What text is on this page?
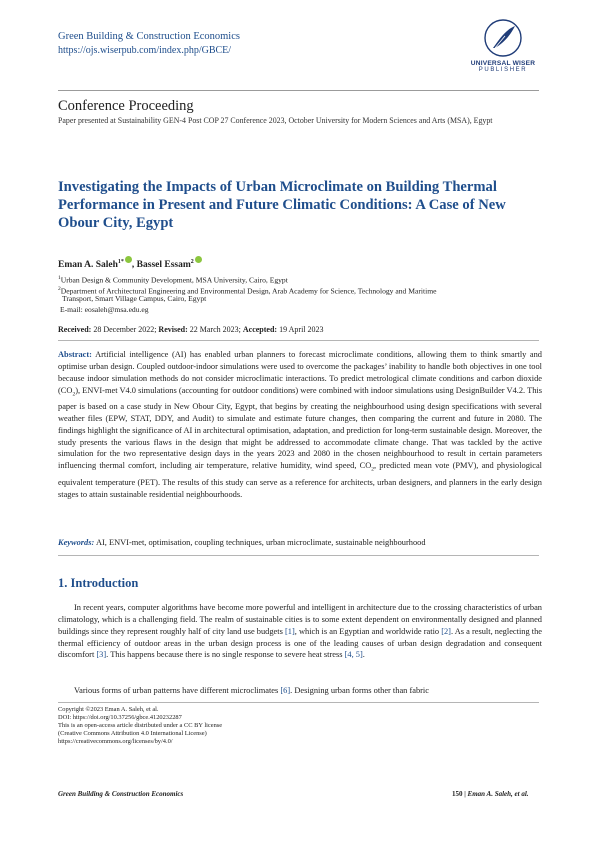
Green Building & Construction Economics
https://ojs.wiserpub.com/index.php/GBCE/
UNIVERSAL WISER
PUBLISHER
Conference Proceeding
Paper presented at Sustainability GEN-4 Post COP 27 Conference 2023, October University for Modern Sciences and Arts (MSA), Egypt
Investigating the Impacts of Urban Microclimate on Building Thermal Performance in Present and Future Climatic Conditions: A Case of New Obour City, Egypt
Eman A. Saleh$^{1*}$ , Bassel Essam$^2$
$^1$Urban Design & Community Development, MSA University, Cairo, Egypt
$^2$Department of Architectural Engineering and Environmental Design, Arab Academy for Science, Technology and Maritime
Transport, Smart Village Campus, Cairo, Egypt
E-mail: eosaleh@msa.edu.eg
Received: 28 December 2022; Revised: 22 March 2023; Accepted: 19 April 2023
Abstract: Artificial intelligence (AI) has enabled urban planners to forecast microclimate conditions, allowing them to think smartly and optimise urban design. Coupled outdoor-indoor simulations were used to overcome the packages’ inability to handle both objectives in one tool because indoor simulation methods do not consider microclimatic interactions. To predict metrological climate conditions and carbon dioxide $(CO_2)$, ENVI-met V4.0 simulations (accounting for outdoor conditions) were combined with indoor simulations using DesignBuilder V4.2. This paper is based on a case study in New Obour City, Egypt, that begins by creating the neighbourhood using design specifications with several weather files (EPW, STAT, DDY, and Audit) to simulate and estimate future changes, then comparing the current and future in 2080. The findings highlight the significance of AI in architectural optimisation, adaptation, and prediction for long-term sustainable design. Moreover, the study presents the various flaws in the design that might be addressed to accommodate climate change. That was tackled by the active simulation for the two representative design days in the years 2023 and 2080 in the chosen neighbourhood to result in certain parameters influencing thermal comfort, including air temperature, relative humidity, wind speed, $CO_2$, predicted mean vote (PMV), and physiological equivalent temperature (PET). The results of this study can serve as a reference for architects, urban designers, and planners in the early design stages to attain sustainable residential neighbourhoods.
Keywords: AI, ENVI-met, optimisation, coupling techniques, urban microclimate, sustainable neighbourhood
1. Introduction
In recent years, computer algorithms have become more powerful and intelligent in architecture due to the crossing characteristics of urban climatology, which is a challenging field. The realm of sustainable cities is to some extent dependent on environmentally designed and planned buildings since they represent roughly half of city land use budgets [1], which is an Egyptian and worldwide ratio [2]. As a result, neglecting the thermal efficiency of outdoor areas in the urban design process is one of the leading causes of urban design degradation and consequent discomfort [3]. This happens because there is no single response to severe heat stress [4, 5].
Various forms of urban patterns have different microclimates [6]. Designing urban forms other than fabric
Copyright ©2023 Eman A. Saleh, et al.
DOI: https://doi.org/10.37256/gbce.4120232287
This is an open-access article distributed under a CC BY license
(Creative Commons Attribution 4.0 International License)
https://creativecommons.org/licenses/by/4.0/
Green Building & Construction Economics	150 | Eman A. Saleh, et al.
